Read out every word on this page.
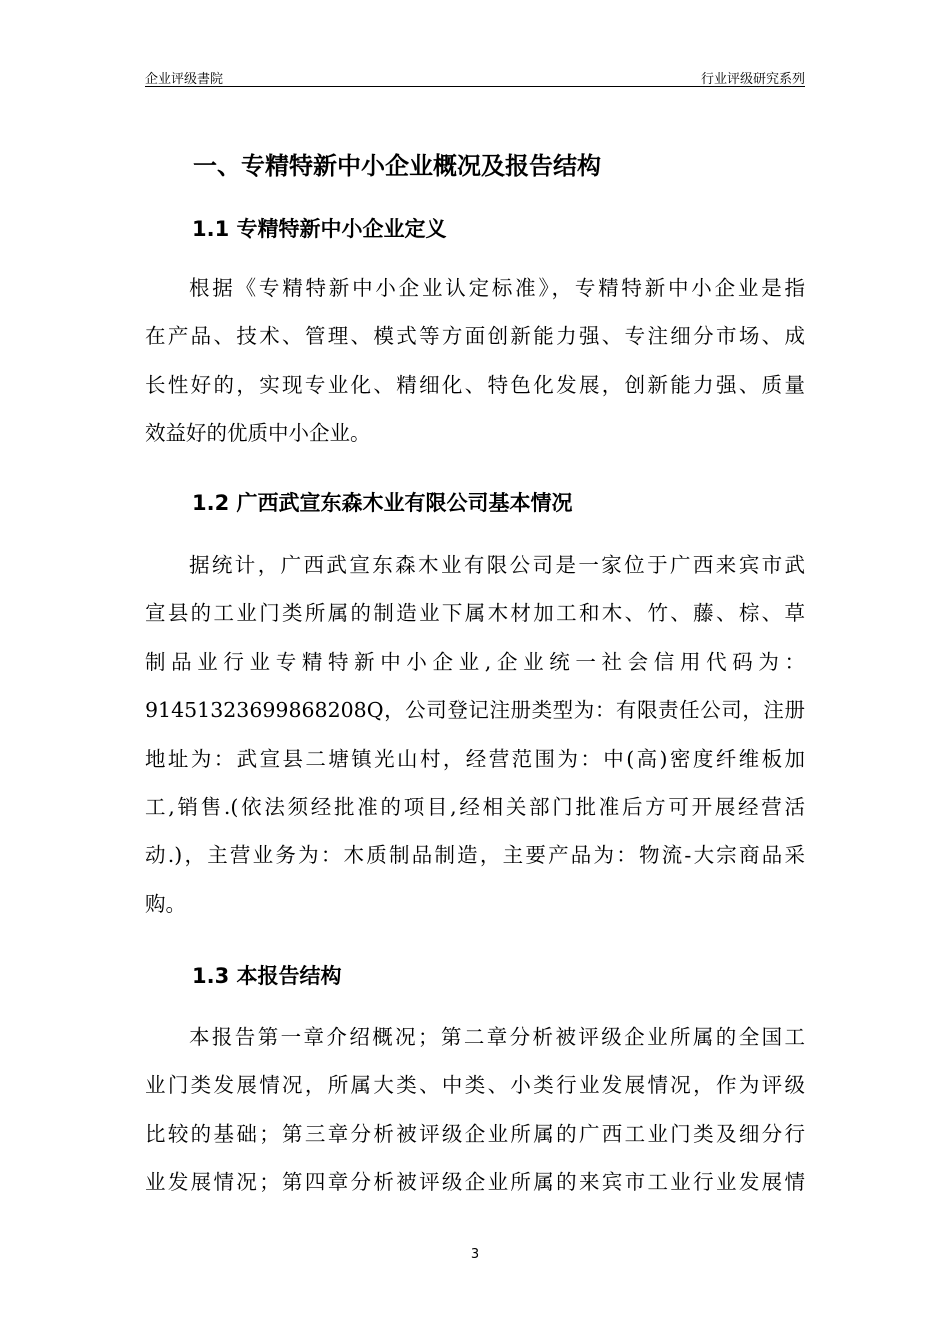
企业评级書院	行业评级研究系列
一、专精特新中小企业概况及报告结构
1.1 专精特新中小企业定义
根据《专精特新中小企业认定标准》，专精特新中小企业是指
在产品、技术、管理、模式等方面创新能力强、专注细分市场、成
长性好的，实现专业化、精细化、特色化发展，创新能力强、质量
效益好的优质中小企业。
1.2 广西武宣东森木业有限公司基本情况
据统计，广西武宣东森木业有限公司是一家位于广西来宾市武
宣县的工业门类所属的制造业下属木材加工和木、竹、藤、棕、草
制品业行业专精特新中小企业,企业统一社会信用代码为：
91451323699868208Q，公司登记注册类型为：有限责任公司，注册
地址为：武宣县二塘镇光山村，经营范围为：中(高)密度纤维板加
工,销售.(依法须经批准的项目,经相关部门批准后方可开展经营活
动.)，主营业务为：木质制品制造，主要产品为：物流-大宗商品采
购。
1.3 本报告结构
本报告第一章介绍概况；第二章分析被评级企业所属的全国工
业门类发展情况，所属大类、中类、小类行业发展情况，作为评级
比较的基础；第三章分析被评级企业所属的广西工业门类及细分行
业发展情况；第四章分析被评级企业所属的来宾市工业行业发展情
3
